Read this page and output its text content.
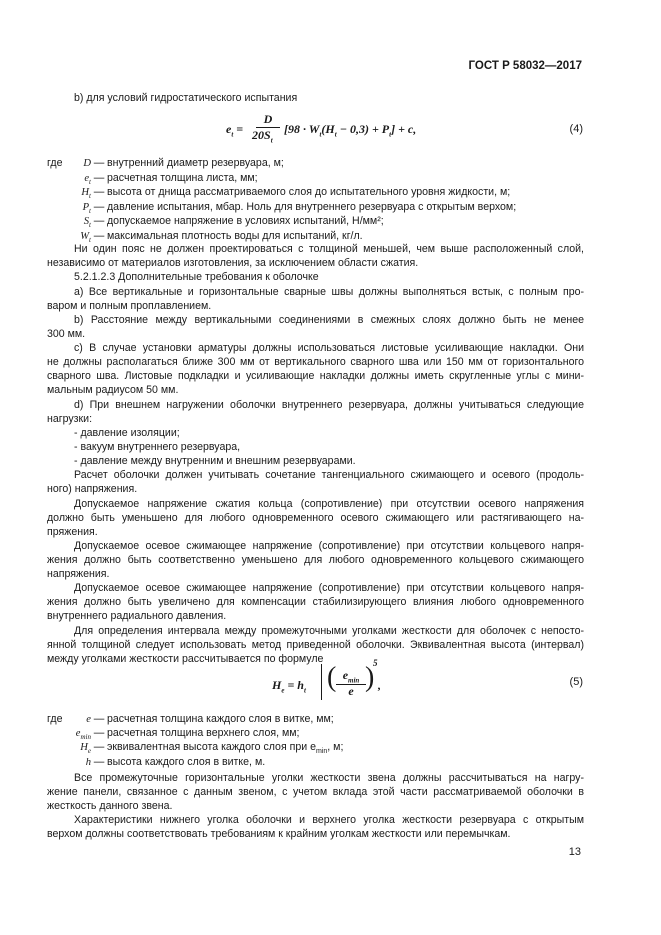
ГОСТ Р 58032—2017
b) для условий гидростатического испытания
$e_t$ =
D
$20S_t$
$[98 \cdot W_t(H_t - 0,3) + P_t] + c$,	(4)
где D — внутренний диаметр резервуара, м;
$e_t$ — расчетная толщина листа, мм;
$H_t$ — высота от днища рассматриваемого слоя до испытательного уровня жидкости, м;
$P_t$ — давление испытания, мбар. Ноль для внутреннего резервуара с открытым верхом;
$S_t$ — допускаемое напряжение в условиях испытаний, Н/мм²;
$W_t$ — максимальная плотность воды для испытаний, кг/л.
Ни один пояс не должен проектироваться с толщиной меньшей, чем выше расположенный слой,
независимо от материалов изготовления, за исключением области сжатия.
5.2.1.2.3 Дополнительные требования к оболочке
а) Все вертикальные и горизонтальные сварные швы должны выполняться встык, с полным про-
варом и полным проплавлением.
b) Расстояние между вертикальными соединениями в смежных слоях должно быть не менее
300 мм.
c) В случае установки арматуры должны использоваться листовые усиливающие накладки. Они
не должны располагаться ближе 300 мм от вертикального сварного шва или 150 мм от горизонтального
сварного шва. Листовые подкладки и усиливающие накладки должны иметь скругленные углы с мини-
мальным радиусом 50 мм.
d) При внешнем нагружении оболочки внутреннего резервуара, должны учитываться следующие
нагрузки:
- давление изоляции;
- вакуум внутреннего резервуара,
- давление между внутренним и внешним резервуарами.
Расчет оболочки должен учитывать сочетание тангенциального сжимающего и осевого (продоль-
ного) напряжения.
Допускаемое напряжение сжатия кольца (сопротивление) при отсутствии осевого напряжения
должно быть уменьшено для любого одновременного осевого сжимающего или растягивающего на-
пряжения.
Допускаемое осевое сжимающее напряжение (сопротивление) при отсутствии кольцевого напря-
жения должно быть соответственно уменьшено для любого одновременного кольцевого сжимающего
напряжения.
Допускаемое осевое сжимающее напряжение (сопротивление) при отсутствии кольцевого напря-
жения должно быть увеличено для компенсации стабилизирующего влияния любого одновременного
внутреннего радиального давления.
Для определения интервала между промежуточными уголками жесткости для оболочек с непосто-
янной толщиной следует использовать метод приведенной оболочки. Эквивалентная высота (интервал)
между уголками жесткости рассчитывается по формуле
$H_e = h_t$ ( $e_{min}$
e )
5
,	(5)
где e — расчетная толщина каждого слоя в витке, мм;
$e_{min}$ — расчетная толщина верхнего слоя, мм;
$H_e$ — эквивалентная высота каждого слоя при $e_{min}$, м;
h — высота каждого слоя в витке, м.
Все промежуточные горизонтальные уголки жесткости звена должны рассчитываться на нагру-
жение панели, связанное с данным звеном, с учетом вклада этой части рассматриваемой оболочки в
жесткость данного звена.
Характеристики нижнего уголка оболочки и верхнего уголка жесткости резервуара с открытым
верхом должны соответствовать требованиям к крайним уголкам жесткости или перемычкам.
13
